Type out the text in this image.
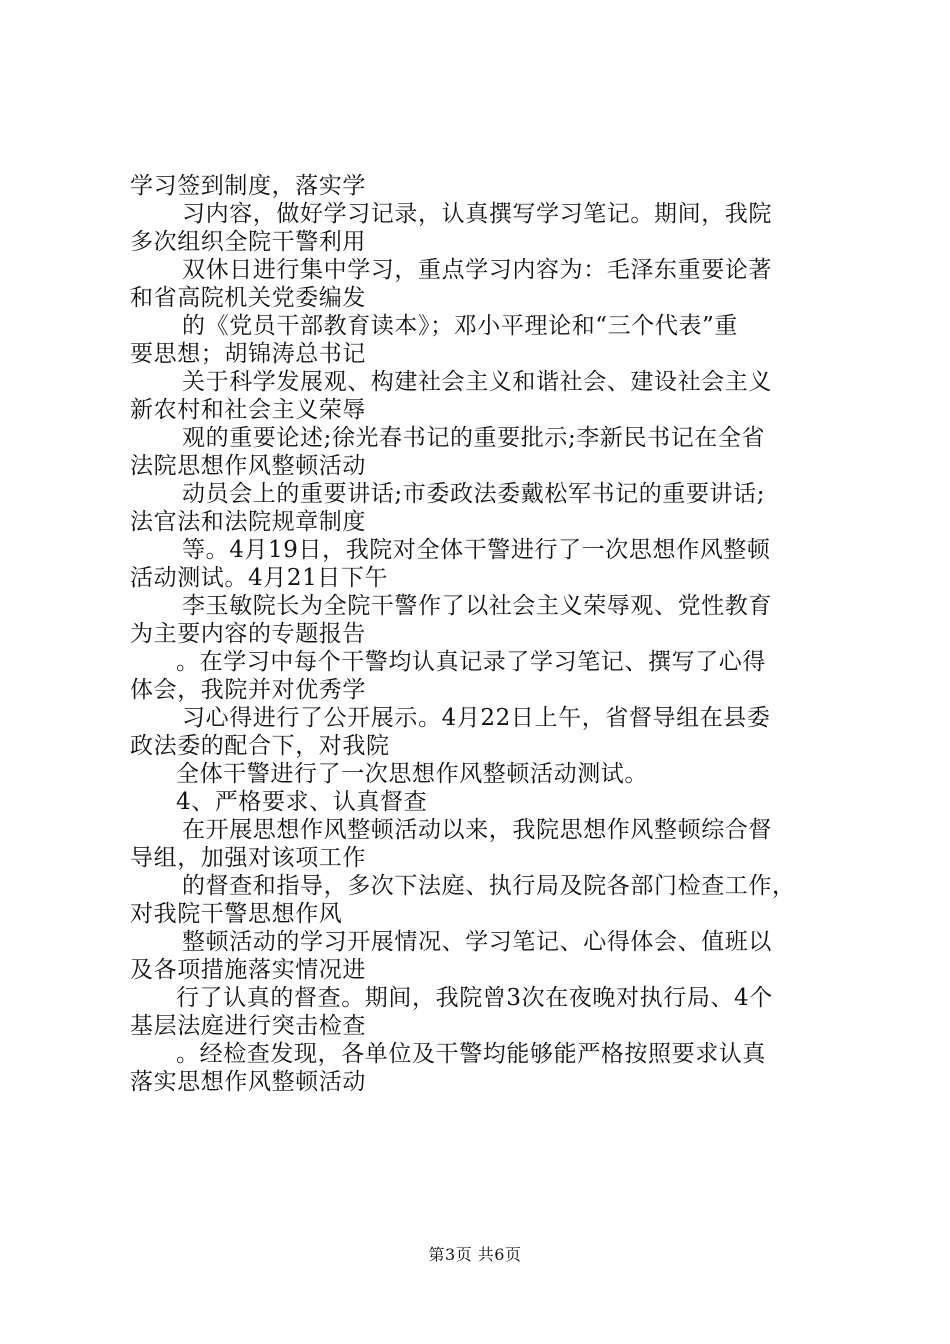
学习签到制度，落实学
习内容，做好学习记录，认真撰写学习笔记。期间，我院
多次组织全院干警利用
双休日进行集中学习，重点学习内容为：毛泽东重要论著
和省高院机关党委编发
的《党员干部教育读本》；邓小平理论和“三个代表”重
要思想；胡锦涛总书记
关于科学发展观、构建社会主义和谐社会、建设社会主义
新农村和社会主义荣辱
观的重要论述;徐光春书记的重要批示;李新民书记在全省
法院思想作风整顿活动
动员会上的重要讲话;市委政法委戴松军书记的重要讲话;
法官法和法院规章制度
等。4月19日，我院对全体干警进行了一次思想作风整顿
活动测试。4月21日下午
李玉敏院长为全院干警作了以社会主义荣辱观、党性教育
为主要内容的专题报告
。在学习中每个干警均认真记录了学习笔记、撰写了心得
体会，我院并对优秀学
习心得进行了公开展示。4月22日上午，省督导组在县委
政法委的配合下，对我院
全体干警进行了一次思想作风整顿活动测试。
4、严格要求、认真督查
在开展思想作风整顿活动以来，我院思想作风整顿综合督
导组，加强对该项工作
的督查和指导，多次下法庭、执行局及院各部门检查工作，
对我院干警思想作风
整顿活动的学习开展情况、学习笔记、心得体会、值班以
及各项措施落实情况进
行了认真的督查。期间，我院曾3次在夜晚对执行局、4个
基层法庭进行突击检查
。经检查发现，各单位及干警均能够能严格按照要求认真
落实思想作风整顿活动
第3页 共6页
